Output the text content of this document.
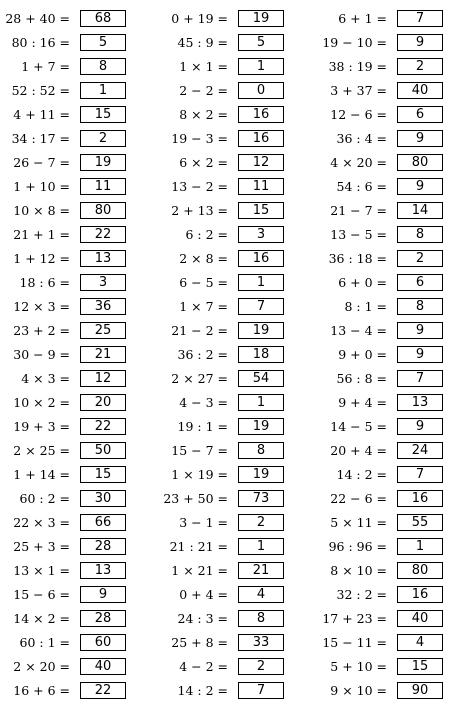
28 + 40 =	68
80 : 16 =	5
1 + 7 =	8
52 : 52 =	1
4 + 11 =	15
34 : 17 =	2
26 − 7 =	19
1 + 10 =	11
10 × 8 =	80
21 + 1 =	22
1 + 12 =	13
18 : 6 =	3
12 × 3 =	36
23 + 2 =	25
30 − 9 =	21
4 × 3 =	12
10 × 2 =	20
19 + 3 =	22
2 × 25 =	50
1 + 14 =	15
60 : 2 =	30
22 × 3 =	66
25 + 3 =	28
13 × 1 =	13
15 − 6 =	9
14 × 2 =	28
60 : 1 =	60
2 × 20 =	40
16 + 6 =	22
0 + 19 =	19
45 : 9 =	5
1 × 1 =	1
2 − 2 =	0
8 × 2 =	16
19 − 3 =	16
6 × 2 =	12
13 − 2 =	11
2 + 13 =	15
6 : 2 =	3
2 × 8 =	16
6 − 5 =	1
1 × 7 =	7
21 − 2 =	19
36 : 2 =	18
2 × 27 =	54
4 − 3 =	1
19 : 1 =	19
15 − 7 =	8
1 × 19 =	19
23 + 50 =	73
3 − 1 =	2
21 : 21 =	1
1 × 21 =	21
0 + 4 =	4
24 : 3 =	8
25 + 8 =	33
4 − 2 =	2
14 : 2 =	7
6 + 1 =	7
19 − 10 =	9
38 : 19 =	2
3 + 37 =	40
12 − 6 =	6
36 : 4 =	9
4 × 20 =	80
54 : 6 =	9
21 − 7 =	14
13 − 5 =	8
36 : 18 =	2
6 + 0 =	6
8 : 1 =	8
13 − 4 =	9
9 + 0 =	9
56 : 8 =	7
9 + 4 =	13
14 − 5 =	9
20 + 4 =	24
14 : 2 =	7
22 − 6 =	16
5 × 11 =	55
96 : 96 =	1
8 × 10 =	80
32 : 2 =	16
17 + 23 =	40
15 − 11 =	4
5 + 10 =	15
9 × 10 =	90
